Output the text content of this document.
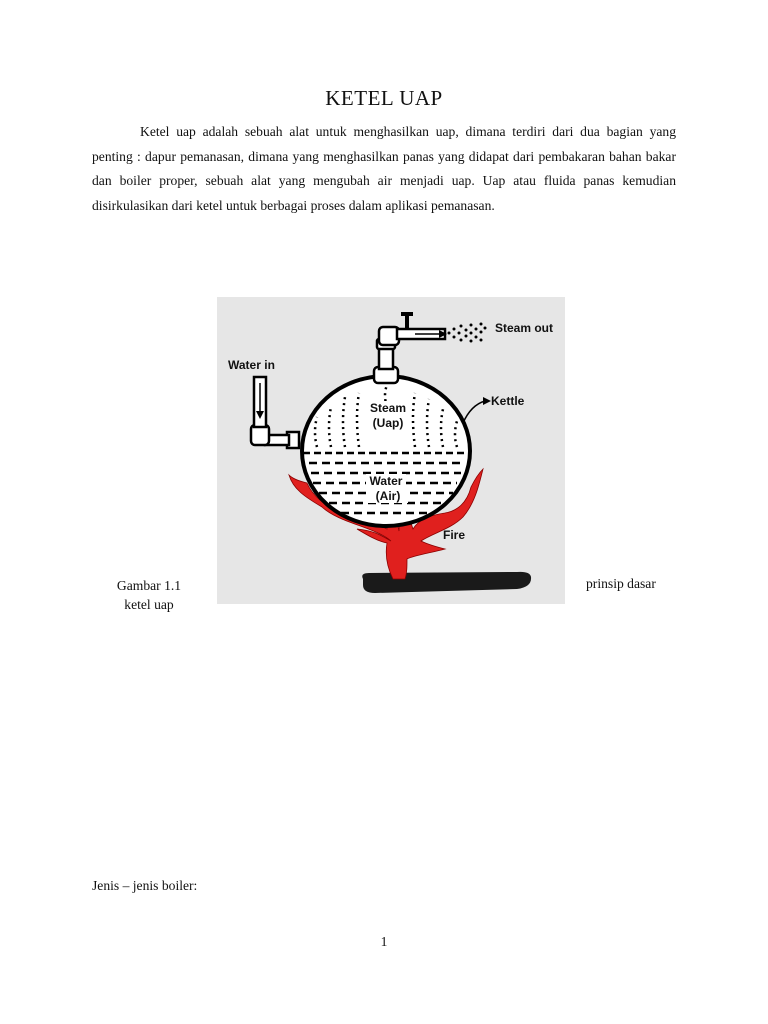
KETEL UAP
Ketel uap adalah sebuah alat untuk menghasilkan uap, dimana terdiri dari dua bagian yang penting : dapur pemanasan, dimana yang menghasilkan panas yang didapat dari pembakaran bahan bakar dan boiler proper, sebuah alat yang mengubah air menjadi uap. Uap atau fluida panas kemudian disirkulasikan dari ketel untuk berbagai proses dalam aplikasi pemanasan.
Steam out
Water in
Kettle
Steam
(Uap)
Water
(Air)
Fire
Gambar 1.1 ketel uap
prinsip dasar
Jenis – jenis boiler:
1
